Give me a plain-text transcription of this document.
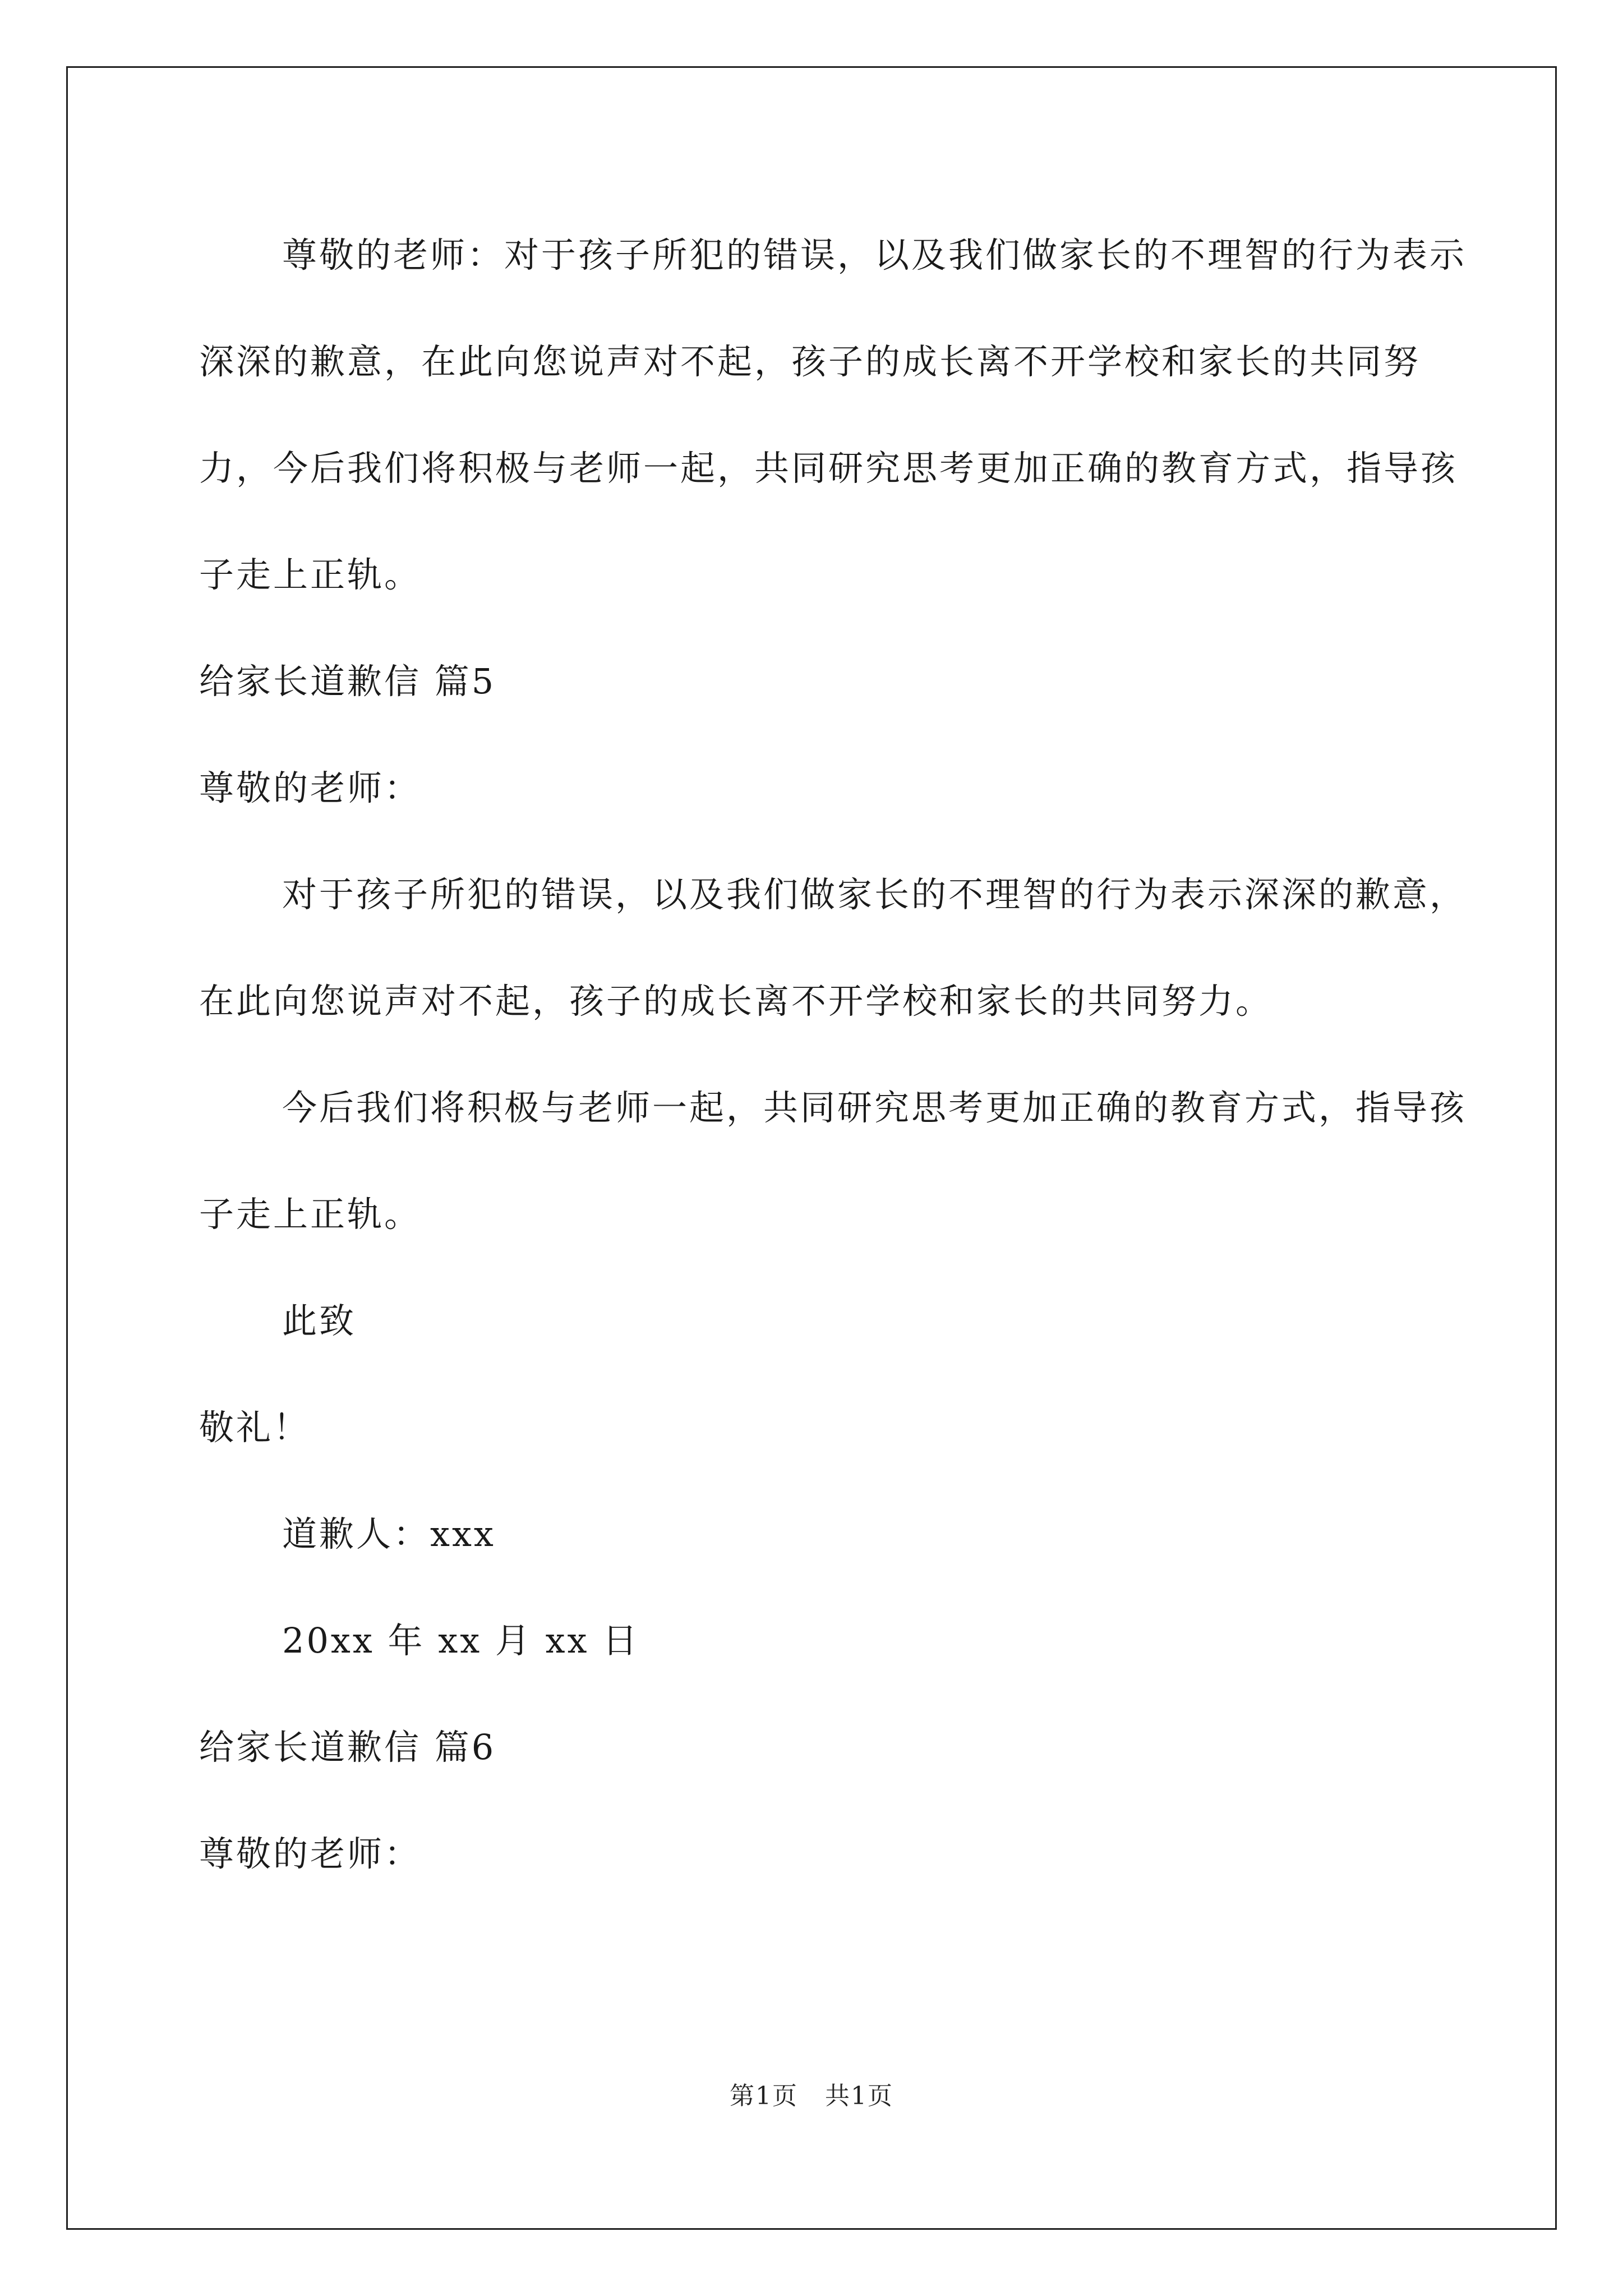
尊敬的老师：对于孩子所犯的错误，以及我们做家长的不理智的行为表示深深的歉意，在此向您说声对不起，孩子的成长离不开学校和家长的共同努力，今后我们将积极与老师一起，共同研究思考更加正确的教育方式，指导孩子走上正轨。

给家长道歉信 篇5

尊敬的老师：

对于孩子所犯的错误，以及我们做家长的不理智的行为表示深深的歉意，在此向您说声对不起，孩子的成长离不开学校和家长的共同努力。

今后我们将积极与老师一起，共同研究思考更加正确的教育方式，指导孩子走上正轨。

此致

敬礼！

道歉人：xxx

20xx 年 xx 月 xx 日

给家长道歉信 篇6

尊敬的老师：

第1页 共1页
